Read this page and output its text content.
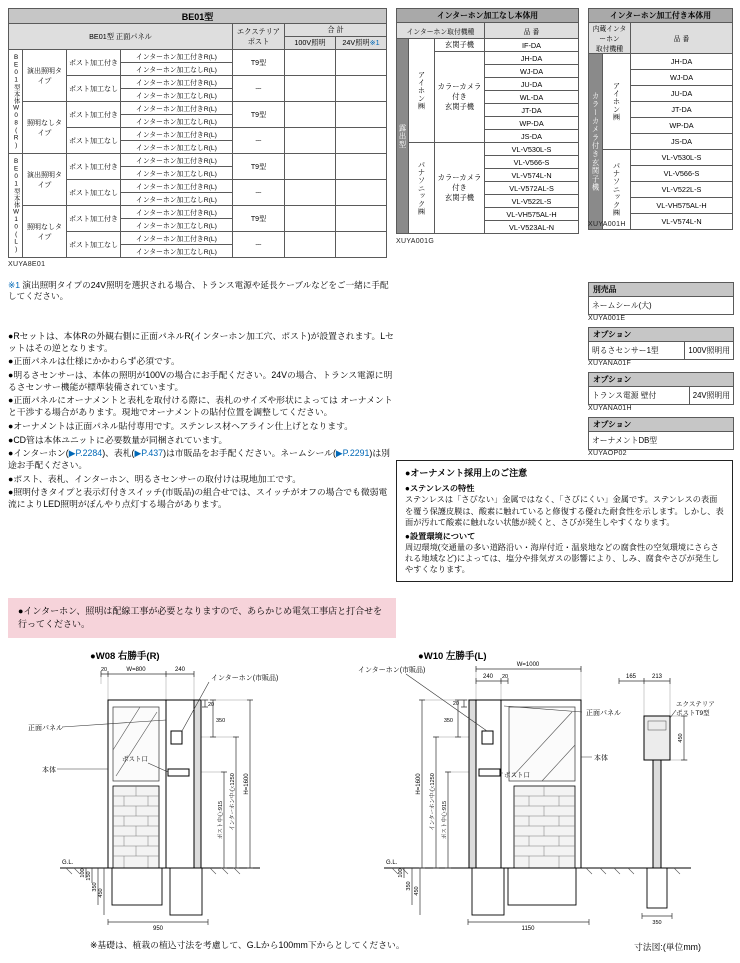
BE01型						
BE01型 正面パネル				エクステリア
ポスト	合 計	
					100V照明	24V照明※1
BE01型本体W08(R)	演出照明タイプ	ポスト加工付き	インターホン加工付きR(L)	T9型		
			インターホン加工なしR(L)			
		ポスト加工なし	インターホン加工付きR(L)	ー		
			インターホン加工なしR(L)			
	照明なしタイプ	ポスト加工付き	インターホン加工付きR(L)	T9型		
			インターホン加工なしR(L)			
		ポスト加工なし	インターホン加工付きR(L)	ー		
			インターホン加工なしR(L)			
BE01型本体W10(L)	演出照明タイプ	ポスト加工付き	インターホン加工付きR(L)	T9型		
			インターホン加工なしR(L)			
		ポスト加工なし	インターホン加工付きR(L)	ー		
			インターホン加工なしR(L)			
	照明なしタイプ	ポスト加工付き	インターホン加工付きR(L)	T9型		
			インターホン加工なしR(L)			
		ポスト加工なし	インターホン加工付きR(L)	ー		
			インターホン加工なしR(L)			
XUYA8E01
※1 演出照明タイプの24V照明を選択される場合、トランス電源や延長ケーブルなどをご一緒に手配してください。

●Rセットは、本体Rの外観右側に正面パネルR(インターホン加工穴、ポスト)が設置されます。Lセットはその逆となります。

●正面パネルは仕様にかかわらず必須です。

●明るさセンサーは、本体の照明が100Vの場合にお手配ください。24Vの場合、トランス電源に明るさセンサー機能が標準装備されています。

●正面パネルにオーナメントと表札を取付ける際に、表札のサイズや形状によっては オーナメントと干渉する場合があります。現地でオーナメントの貼付位置を調整してください。

●オーナメントは正面パネル貼付専用です。ステンレス材ヘアライン仕上げとなります。

●CD管は本体ユニットに必要数量が同梱されています。

●インターホン(▶P.2284)、表札(▶P.437)は市販品をお手配ください。ネームシール(▶P.2291)は別途お手配ください。

●ポスト、表札、インターホン、明るさセンサーの取付けは現地加工です。

●照明付きタイプと表示灯付きスイッチ(市販品)の組合せでは、スイッチがオフの場合でも微弱電流によりLED照明がぼんやり点灯する場合があります。

●インターホン、照明は配線工事が必要となりますので、あらかじめ電気工事店と打合せを行ってください。
インターホン加工なし本体用			
インターホン取付機種			品 番
露出型	アイホン㈱	玄関子機	IF-DA
		カラーカメラ
付き
玄関子機	JH-DA
			WJ-DA
			JU-DA
			WL-DA
			JT-DA
			WP-DA
			JS-DA
	パナソニック㈱	カラーカメラ
付き
玄関子機	VL-V530L-S
			VL-V566-S
			VL-V574L-N
			VL-V572AL-S
			VL-V522L-S
			VL-VH575AL-H
			VL-V523AL-N
XUYA001G
インターホン加工付き本体用		
内蔵インターホン
取付機種		品 番
カラーカメラ付き玄関子機	アイホン㈱	JH-DA
		WJ-DA
		JU-DA
		JT-DA
		WP-DA
		JS-DA
	パナソニック㈱	VL-V530L-S
		VL-V566-S
		VL-V522L-S
		VL-VH575AL-H
		VL-V574L-N
XUYA001H
別売品
ネームシール(大)
XUYA001E
オプション
明るさセンサー1型	100V照明用
XUYANA01F
オプション
トランス電源 壁付	24V照明用
XUYANA01H
オプション
オーナメントDB型
XUYAOP02
●オーナメント採用上のご注意
●ステンレスの特性
ステンレスは「さびない」金属ではなく、「さびにくい」金属です。ステンレスの表面を覆う保護皮膜は、酸素に触れていると修復する優れた耐食性を示します。しかし、表面が汚れて酸素に触れない状態が続くと、さびが発生しやすくなります。
●設置環境について
周辺環境(交通量の多い道路沿い・海岸付近・温泉地などの腐食性の空気環境にさらされる地域など)によっては、塩分や排気ガスの影響により、しみ、腐食やさびが発生しやすくなります。
●W08 右勝手(R)	●W10 左勝手(L)
20	W=800	240
インターホン(市販品)
正面パネル
本体
ポスト口
20
350
ポスト中心:915	インターホン中心:1250 H=1600
100 150
350
450
G.L.
950
W=1000
240 20	165	213
インターホン(市販品)
エクステリア
ポストT9型
正面パネル
本体
ポスト口
20
350
ポスト中心:915
インターホン中心:1250
H=1600
450
100
350
450
G.L.
1150
350
※基礎は、植栽の植込寸法を考慮して、G.Lから100mm下からとしてください。	寸法図:(単位mm)
